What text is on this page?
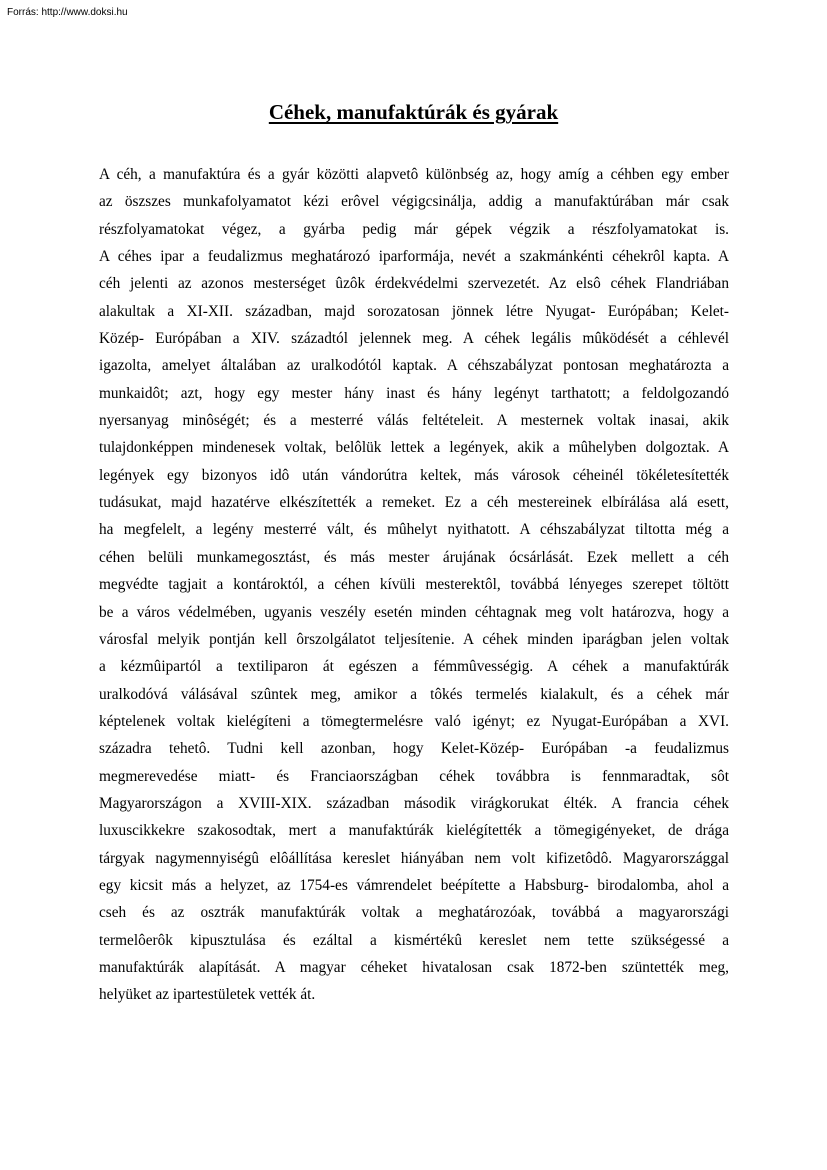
Forrás: http://www.doksi.hu
Céhek, manufaktúrák és gyárak
A céh, a manufaktúra és a gyár közötti alapvetô különbség az, hogy amíg a céhben egy ember
az öszszes munkafolyamatot kézi erôvel végigcsinálja, addig a manufaktúrában már csak
részfolyamatokat végez, a gyárba pedig már gépek végzik a részfolyamatokat is.
A céhes ipar a feudalizmus meghatározó iparformája, nevét a szakmánkénti céhekrôl kapta. A
céh jelenti az azonos mesterséget ûzôk érdekvédelmi szervezetét. Az elsô céhek Flandriában
alakultak a XI-XII. században, majd sorozatosan jönnek létre Nyugat- Európában; Kelet-
Közép- Európában a XIV. századtól jelennek meg. A céhek legális mûködését a céhlevél
igazolta, amelyet általában az uralkodótól kaptak. A céhszabályzat pontosan meghatározta a
munkaidôt; azt, hogy egy mester hány inast és hány legényt tarthatott; a feldolgozandó
nyersanyag minôségét; és a mesterré válás feltételeit. A mesternek voltak inasai, akik
tulajdonképpen mindenesek voltak, belôlük lettek a legények, akik a mûhelyben dolgoztak. A
legények egy bizonyos idô után vándorútra keltek, más városok céheinél tökéletesítették
tudásukat, majd hazatérve elkészítették a remeket. Ez a céh mestereinek elbírálása alá esett,
ha megfelelt, a legény mesterré vált, és mûhelyt nyithatott. A céhszabályzat tiltotta még a
céhen belüli munkamegosztást, és más mester árujának ócsárlását. Ezek mellett a céh
megvédte tagjait a kontároktól, a céhen kívüli mesterektôl, továbbá lényeges szerepet töltött
be a város védelmében, ugyanis veszély esetén minden céhtagnak meg volt határozva, hogy a
városfal melyik pontján kell ôrszolgálatot teljesítenie. A céhek minden iparágban jelen voltak
a kézmûipartól a textiliparon át egészen a fémmûvességig. A céhek a manufaktúrák
uralkodóvá válásával szûntek meg, amikor a tôkés termelés kialakult, és a céhek már
képtelenek voltak kielégíteni a tömegtermelésre való igényt; ez Nyugat-Európában a XVI.
századra tehetô. Tudni kell azonban, hogy Kelet-Közép- Európában -a feudalizmus
megmerevedése miatt- és Franciaországban céhek továbbra is fennmaradtak, sôt
Magyarországon a XVIII-XIX. században második virágkorukat élték. A francia céhek
luxuscikkekre szakosodtak, mert a manufaktúrák kielégítették a tömegigényeket, de drága
tárgyak nagymennyiségû elôállítása kereslet hiányában nem volt kifizetôdô. Magyarországgal
egy kicsit más a helyzet, az 1754-es vámrendelet beépítette a Habsburg- birodalomba, ahol a
cseh és az osztrák manufaktúrák voltak a meghatározóak, továbbá a magyarországi
termelôerôk kipusztulása és ezáltal a kismértékû kereslet nem tette szükségessé a
manufaktúrák alapítását. A magyar céheket hivatalosan csak 1872-ben szüntették meg,
helyüket az ipartestületek vették át.
